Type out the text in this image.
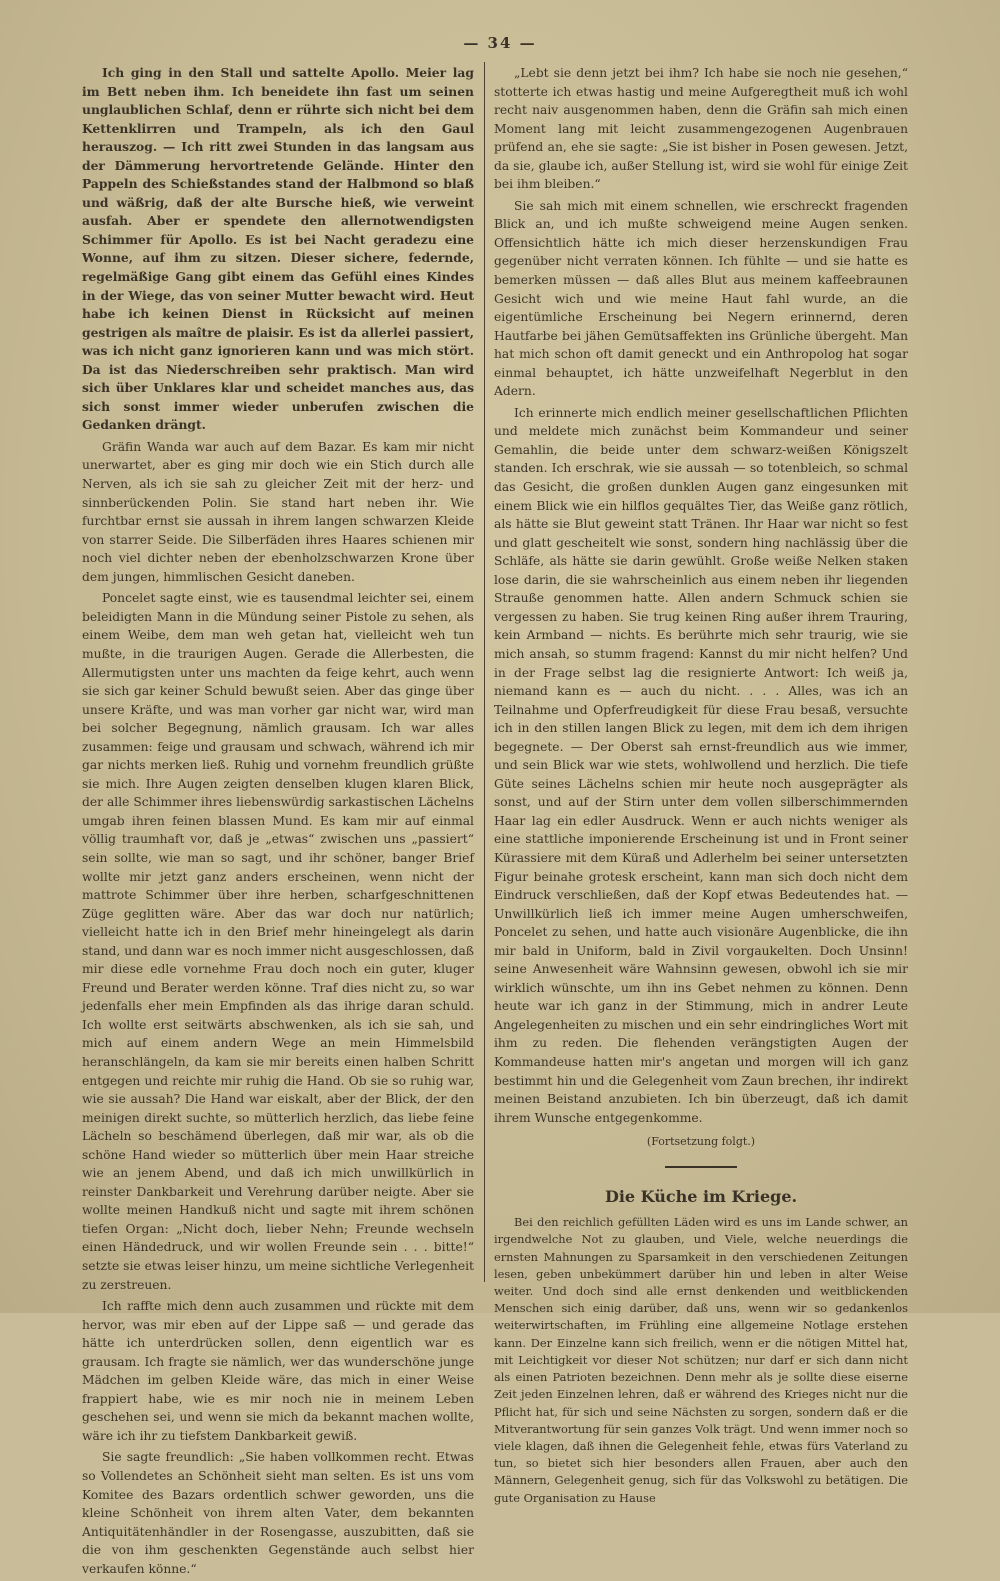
— 34 —

Ich ging in den Stall und sattelte Apollo. Meier lag im Bett neben ihm. Ich beneidete ihn fast um seinen unglaublichen Schlaf, denn er rührte sich nicht bei dem Kettenklirren und Trampeln, als ich den Gaul herauszog. — Ich ritt zwei Stunden in das langsam aus der Dämmerung hervortretende Gelände. Hinter den Pappeln des Schießstandes stand der Halbmond so blaß und wäßrig, daß der alte Bursche hieß, wie verweint ausfah. Aber er spendete den allernotwendigsten Schimmer für Apollo. Es ist bei Nacht geradezu eine Wonne, auf ihm zu sitzen. Dieser sichere, federnde, regelmäßige Gang gibt einem das Gefühl eines Kindes in der Wiege, das von seiner Mutter bewacht wird. Heut habe ich keinen Dienst in Rücksicht auf meinen gestrigen als maître de plaisir. Es ist da allerlei passiert, was ich nicht ganz ignorieren kann und was mich stört. Da ist das Niederschreiben sehr praktisch. Man wird sich über Unklares klar und scheidet manches aus, das sich sonst immer wieder unberufen zwischen die Gedanken drängt.

Gräfin Wanda war auch auf dem Bazar. Es kam mir nicht unerwartet, aber es ging mir doch wie ein Stich durch alle Nerven, als ich sie sah zu gleicher Zeit mit der herz- und sinnberückenden Polin. Sie stand hart neben ihr. Wie furchtbar ernst sie aussah in ihrem langen schwarzen Kleide von starrer Seide. Die Silberfäden ihres Haares schienen mir noch viel dichter neben der ebenholzschwarzen Krone über dem jungen, himmlischen Gesicht daneben.

Poncelet sagte einst, wie es tausendmal leichter sei, einem beleidigten Mann in die Mündung seiner Pistole zu sehen, als einem Weibe, dem man weh getan hat, vielleicht weh tun mußte, in die traurigen Augen. Gerade die Allerbesten, die Allermutigsten unter uns machten da feige kehrt, auch wenn sie sich gar keiner Schuld bewußt seien. Aber das ginge über unsere Kräfte, und was man vorher gar nicht war, wird man bei solcher Begegnung, nämlich grausam. Ich war alles zusammen: feige und grausam und schwach, während ich mir gar nichts merken ließ. Ruhig und vornehm freundlich grüßte sie mich. Ihre Augen zeigten denselben klugen klaren Blick, der alle Schimmer ihres liebenswürdig sarkastischen Lächelns umgab ihren feinen blassen Mund. Es kam mir auf einmal völlig traumhaft vor, daß je „etwas“ zwischen uns „passiert“ sein sollte, wie man so sagt, und ihr schöner, banger Brief wollte mir jetzt ganz anders erscheinen, wenn nicht der mattrote Schimmer über ihre herben, scharfgeschnittenen Züge geglitten wäre. Aber das war doch nur natürlich; vielleicht hatte ich in den Brief mehr hineingelegt als darin stand, und dann war es noch immer nicht ausgeschlossen, daß mir diese edle vornehme Frau doch noch ein guter, kluger Freund und Berater werden könne. Traf dies nicht zu, so war jedenfalls eher mein Empfinden als das ihrige daran schuld. Ich wollte erst seitwärts abschwenken, als ich sie sah, und mich auf einem andern Wege an mein Himmelsbild heranschlängeln, da kam sie mir bereits einen halben Schritt entgegen und reichte mir ruhig die Hand. Ob sie so ruhig war, wie sie aussah? Die Hand war eiskalt, aber der Blick, der den meinigen direkt suchte, so mütterlich herzlich, das liebe feine Lächeln so beschämend überlegen, daß mir war, als ob die schöne Hand wieder so mütterlich über mein Haar streiche wie an jenem Abend, und daß ich mich unwillkürlich in reinster Dankbarkeit und Verehrung darüber neigte. Aber sie wollte meinen Handkuß nicht und sagte mit ihrem schönen tiefen Organ: „Nicht doch, lieber Nehn; Freunde wechseln einen Händedruck, und wir wollen Freunde sein . . . bitte!“ setzte sie etwas leiser hinzu, um meine sichtliche Verlegenheit zu zerstreuen.

Ich raffte mich denn auch zusammen und rückte mit dem hervor, was mir eben auf der Lippe saß — und gerade das hätte ich unterdrücken sollen, denn eigentlich war es grausam. Ich fragte sie nämlich, wer das wunderschöne junge Mädchen im gelben Kleide wäre, das mich in einer Weise frappiert habe, wie es mir noch nie in meinem Leben geschehen sei, und wenn sie mich da bekannt machen wollte, wäre ich ihr zu tiefstem Dankbarkeit gewiß.

Sie sagte freundlich: „Sie haben vollkommen recht. Etwas so Vollendetes an Schönheit sieht man selten. Es ist uns vom Komitee des Bazars ordentlich schwer geworden, uns die kleine Schönheit von ihrem alten Vater, dem bekannten Antiquitätenhändler in der Rosengasse, auszubitten, daß sie die von ihm geschenkten Gegenstände auch selbst hier verkaufen könne.“

„Lebt sie denn jetzt bei ihm? Ich habe sie noch nie gesehen,“ stotterte ich etwas hastig und meine Aufgeregtheit muß ich wohl recht naiv ausgenommen haben, denn die Gräfin sah mich einen Moment lang mit leicht zusammengezogenen Augenbrauen prüfend an, ehe sie sagte: „Sie ist bisher in Posen gewesen. Jetzt, da sie, glaube ich, außer Stellung ist, wird sie wohl für einige Zeit bei ihm bleiben.“

Sie sah mich mit einem schnellen, wie erschreckt fragenden Blick an, und ich mußte schweigend meine Augen senken. Offensichtlich hätte ich mich dieser herzenskundigen Frau gegenüber nicht verraten können. Ich fühlte — und sie hatte es bemerken müssen — daß alles Blut aus meinem kaffeebraunen Gesicht wich und wie meine Haut fahl wurde, an die eigentümliche Erscheinung bei Negern erinnernd, deren Hautfarbe bei jähen Gemütsaffekten ins Grünliche übergeht. Man hat mich schon oft damit geneckt und ein Anthropolog hat sogar einmal behauptet, ich hätte unzweifelhaft Negerblut in den Adern.

Ich erinnerte mich endlich meiner gesellschaftlichen Pflichten und meldete mich zunächst beim Kommandeur und seiner Gemahlin, die beide unter dem schwarz-weißen Königszelt standen. Ich erschrak, wie sie aussah — so totenbleich, so schmal das Gesicht, die großen dunklen Augen ganz eingesunken mit einem Blick wie ein hilflos gequältes Tier, das Weiße ganz rötlich, als hätte sie Blut geweint statt Tränen. Ihr Haar war nicht so fest und glatt gescheitelt wie sonst, sondern hing nachlässig über die Schläfe, als hätte sie darin gewühlt. Große weiße Nelken staken lose darin, die sie wahrscheinlich aus einem neben ihr liegenden Strauße genommen hatte. Allen andern Schmuck schien sie vergessen zu haben. Sie trug keinen Ring außer ihrem Trauring, kein Armband — nichts. Es berührte mich sehr traurig, wie sie mich ansah, so stumm fragend: Kannst du mir nicht helfen? Und in der Frage selbst lag die resignierte Antwort: Ich weiß ja, niemand kann es — auch du nicht. . . . Alles, was ich an Teilnahme und Opferfreudigkeit für diese Frau besaß, versuchte ich in den stillen langen Blick zu legen, mit dem ich dem ihrigen begegnete. — Der Oberst sah ernst-freundlich aus wie immer, und sein Blick war wie stets, wohlwollend und herzlich. Die tiefe Güte seines Lächelns schien mir heute noch ausgeprägter als sonst, und auf der Stirn unter dem vollen silberschimmernden Haar lag ein edler Ausdruck. Wenn er auch nichts weniger als eine stattliche imponierende Erscheinung ist und in Front seiner Kürassiere mit dem Küraß und Adlerhelm bei seiner untersetzten Figur beinahe grotesk erscheint, kann man sich doch nicht dem Eindruck verschließen, daß der Kopf etwas Bedeutendes hat. — Unwillkürlich ließ ich immer meine Augen umherschweifen, Poncelet zu sehen, und hatte auch visionäre Augenblicke, die ihn mir bald in Uniform, bald in Zivil vorgaukelten. Doch Unsinn! seine Anwesenheit wäre Wahnsinn gewesen, obwohl ich sie mir wirklich wünschte, um ihn ins Gebet nehmen zu können. Denn heute war ich ganz in der Stimmung, mich in andrer Leute Angelegenheiten zu mischen und ein sehr eindringliches Wort mit ihm zu reden. Die flehenden verängstigten Augen der Kommandeuse hatten mir's angetan und morgen will ich ganz bestimmt hin und die Gelegenheit vom Zaun brechen, ihr indirekt meinen Beistand anzubieten. Ich bin überzeugt, daß ich damit ihrem Wunsche entgegenkomme.

(Fortsetzung folgt.)

Die Küche im Kriege.

Bei den reichlich gefüllten Läden wird es uns im Lande schwer, an irgendwelche Not zu glauben, und Viele, welche neuerdings die ernsten Mahnungen zu Sparsamkeit in den verschiedenen Zeitungen lesen, geben unbekümmert darüber hin und leben in alter Weise weiter. Und doch sind alle ernst denkenden und weitblickenden Menschen sich einig darüber, daß uns, wenn wir so gedankenlos weiterwirtschaften, im Frühling eine allgemeine Notlage erstehen kann. Der Einzelne kann sich freilich, wenn er die nötigen Mittel hat, mit Leichtigkeit vor dieser Not schützen; nur darf er sich dann nicht als einen Patrioten bezeichnen. Denn mehr als je sollte diese eiserne Zeit jeden Einzelnen lehren, daß er während des Krieges nicht nur die Pflicht hat, für sich und seine Nächsten zu sorgen, sondern daß er die Mitverantwortung für sein ganzes Volk trägt. Und wenn immer noch so viele klagen, daß ihnen die Gelegenheit fehle, etwas fürs Vaterland zu tun, so bietet sich hier besonders allen Frauen, aber auch den Männern, Gelegenheit genug, sich für das Volkswohl zu betätigen. Die gute Organisation zu Hause
